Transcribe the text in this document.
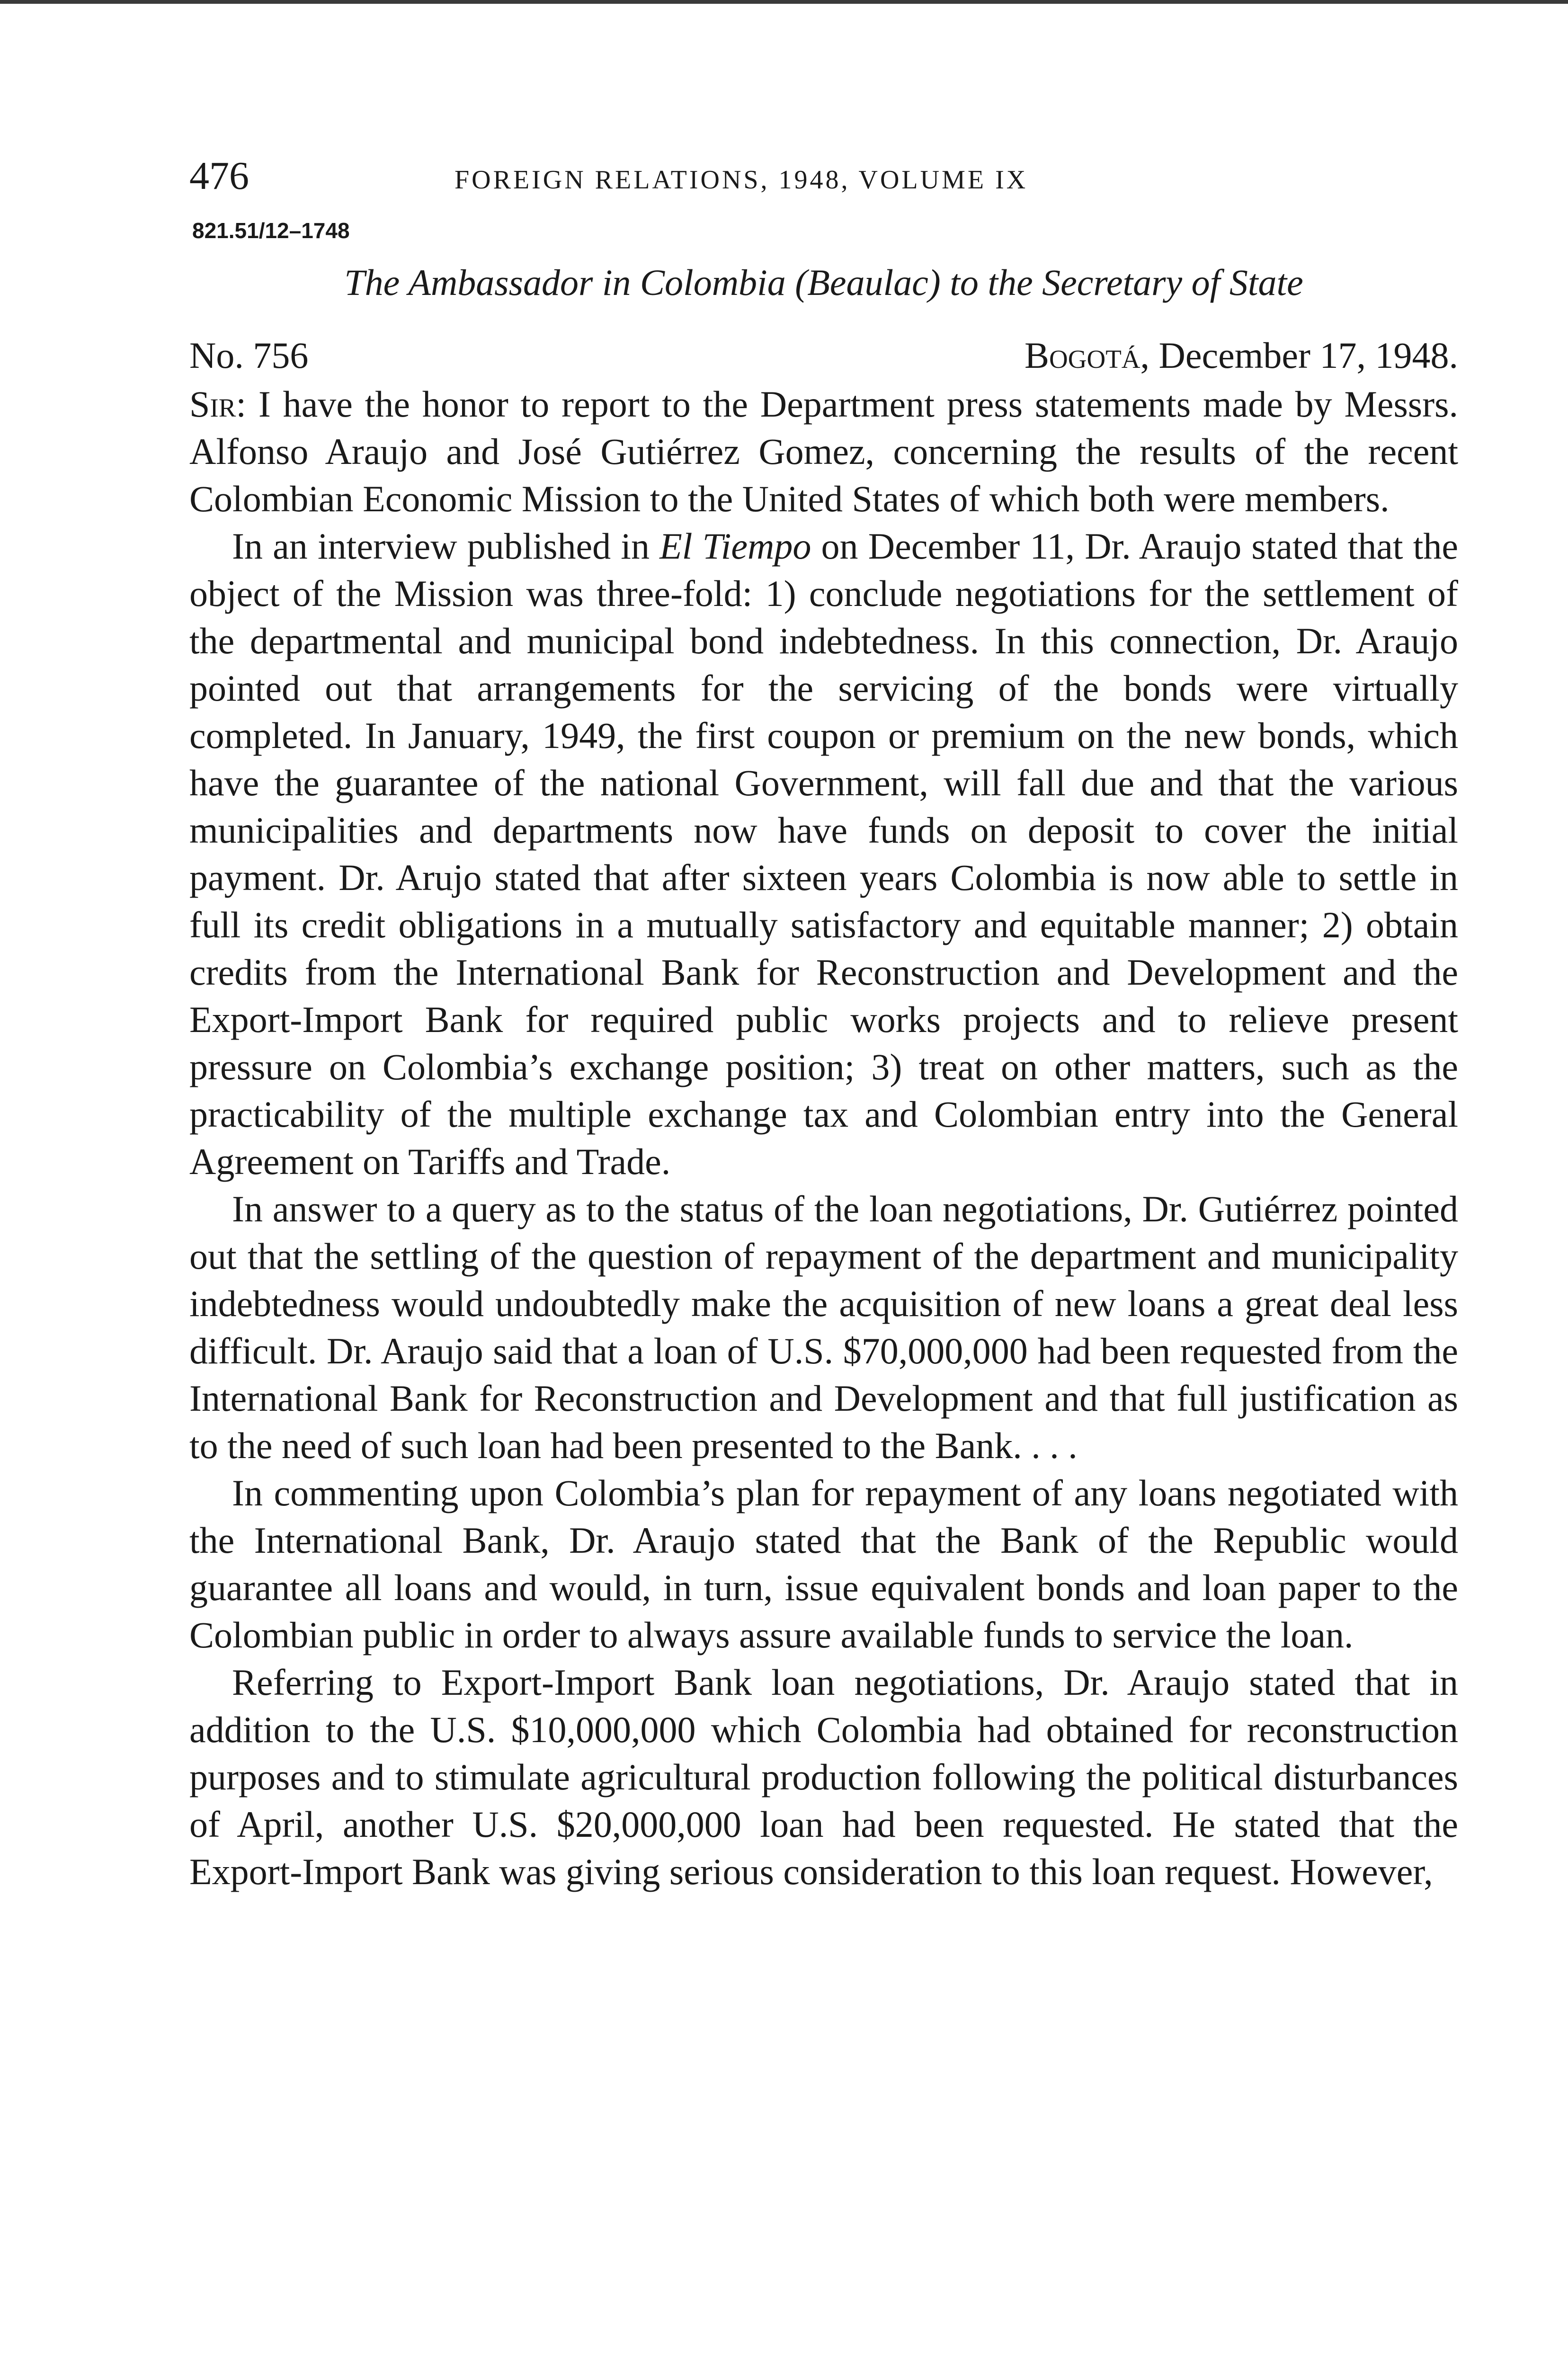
476	FOREIGN RELATIONS, 1948, VOLUME IX
821.51/12–1748
The Ambassador in Colombia (Beaulac) to the Secretary of State
No. 756	Bogotá, December 17, 1948.

Sir: I have the honor to report to the Department press statements made by Messrs. Alfonso Araujo and José Gutiérrez Gomez, concerning the results of the recent Colombian Economic Mission to the United States of which both were members.

In an interview published in El Tiempo on December 11, Dr. Araujo stated that the object of the Mission was three-fold: 1) conclude negotiations for the settlement of the departmental and municipal bond indebtedness. In this connection, Dr. Araujo pointed out that arrangements for the servicing of the bonds were virtually completed. In January, 1949, the first coupon or premium on the new bonds, which have the guarantee of the national Government, will fall due and that the various municipalities and departments now have funds on deposit to cover the initial payment. Dr. Arujo stated that after sixteen years Colombia is now able to settle in full its credit obligations in a mutually satisfactory and equitable manner; 2) obtain credits from the International Bank for Reconstruction and Development and the Export-Import Bank for required public works projects and to relieve present pressure on Colombia’s exchange position; 3) treat on other matters, such as the practicability of the multiple exchange tax and Colombian entry into the General Agreement on Tariffs and Trade.

In answer to a query as to the status of the loan negotiations, Dr. Gutiérrez pointed out that the settling of the question of repayment of the department and municipality indebtedness would undoubtedly make the acquisition of new loans a great deal less difficult. Dr. Araujo said that a loan of U.S. $70,000,000 had been requested from the International Bank for Reconstruction and Development and that full justification as to the need of such loan had been presented to the Bank. . . .

In commenting upon Colombia’s plan for repayment of any loans negotiated with the International Bank, Dr. Araujo stated that the Bank of the Republic would guarantee all loans and would, in turn, issue equivalent bonds and loan paper to the Colombian public in order to always assure available funds to service the loan.

Referring to Export-Import Bank loan negotiations, Dr. Araujo stated that in addition to the U.S. $10,000,000 which Colombia had obtained for reconstruction purposes and to stimulate agricultural production following the political disturbances of April, another U.S. $20,000,000 loan had been requested. He stated that the Export-Import Bank was giving serious consideration to this loan request. However,
